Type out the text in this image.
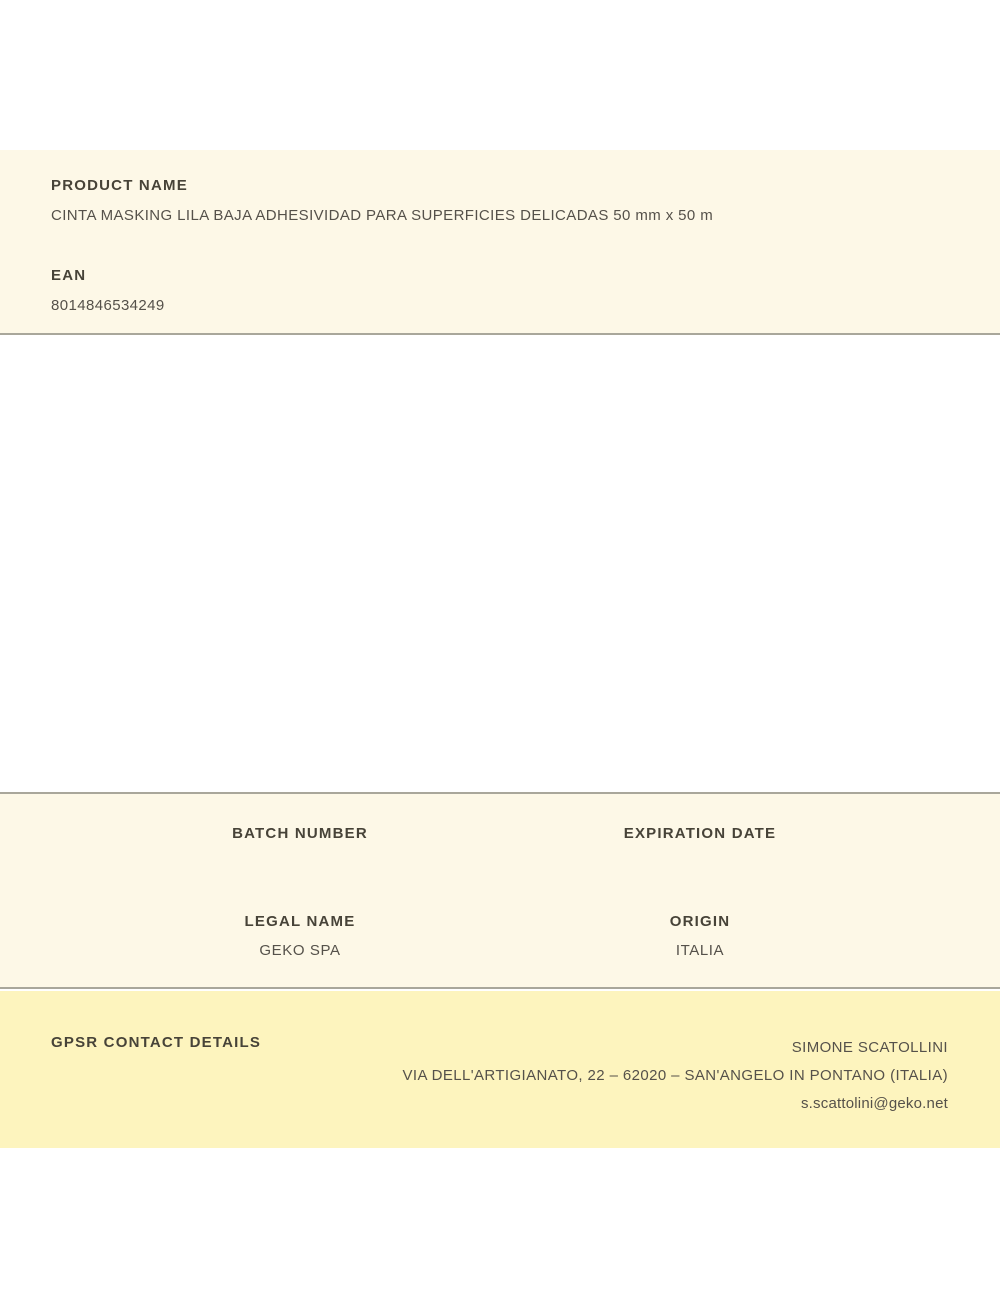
PRODUCT NAME
CINTA MASKING LILA BAJA ADHESIVIDAD PARA SUPERFICIES DELICADAS 50 mm x 50 m
EAN
8014846534249
BATCH NUMBER	EXPIRATION DATE
LEGAL NAME
GEKO SPA
ORIGIN
ITALIA
GPSR CONTACT DETAILS	SIMONE SCATOLLINI
VIA DELL'ARTIGIANATO, 22 – 62020 – SAN'ANGELO IN PONTANO (ITALIA)
s.scattolini@geko.net
